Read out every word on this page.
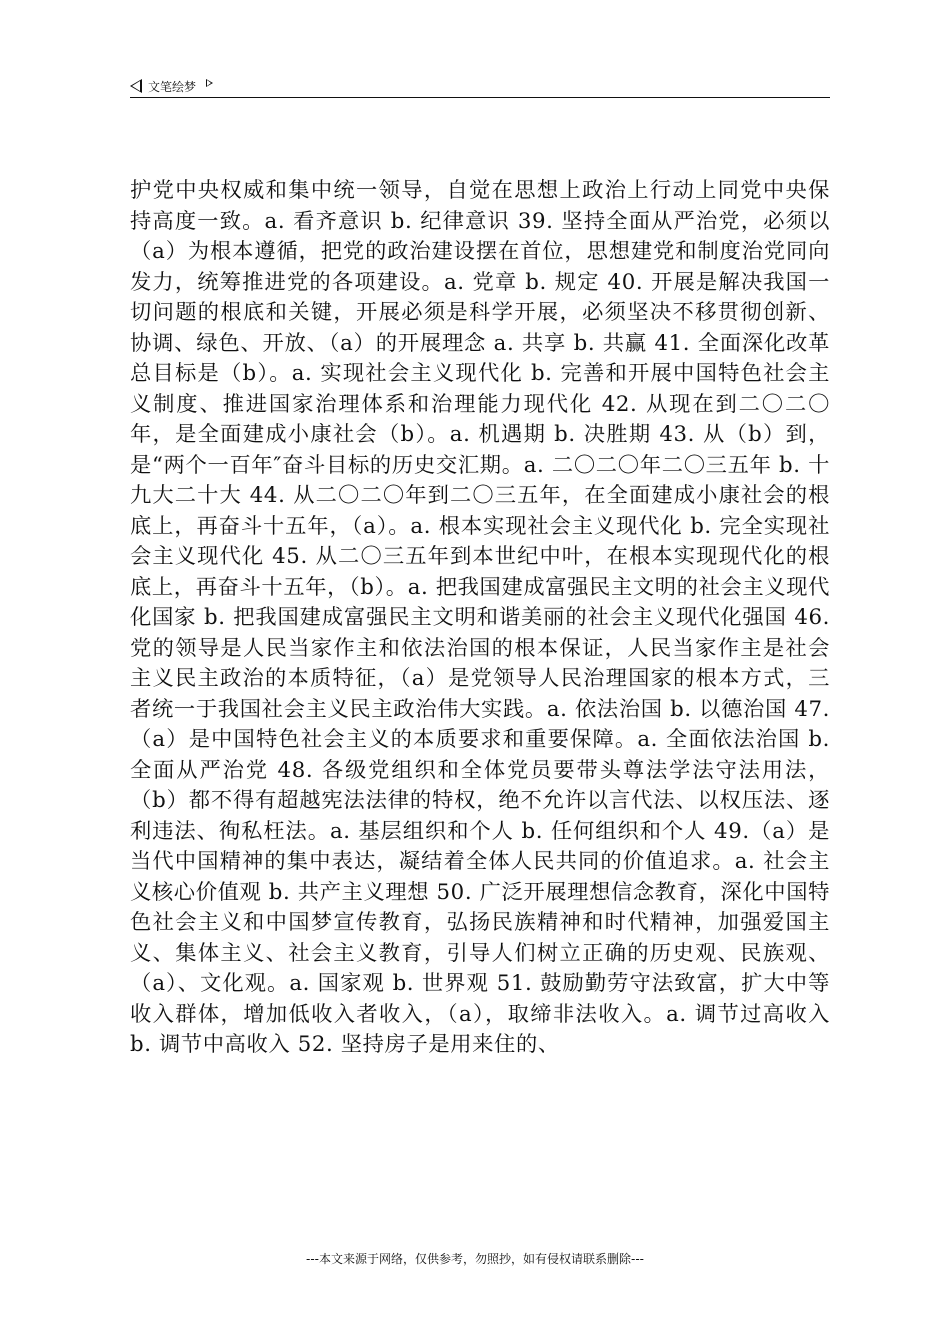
文笔绘梦

护党中央权威和集中统一领导，自觉在思想上政治上行动上同党中央保持高度一致。a. 看齐意识 b. 纪律意识 39. 坚持全面从严治党，必须以（a）为根本遵循，把党的政治建设摆在首位，思想建党和制度治党同向发力，统筹推进党的各项建设。a. 党章 b. 规定 40. 开展是解决我国一切问题的根底和关键，开展必须是科学开展，必须坚决不移贯彻创新、协调、绿色、开放、（a）的开展理念 a. 共享 b. 共赢 41. 全面深化改革总目标是（b）。a. 实现社会主义现代化 b. 完善和开展中国特色社会主义制度、推进国家治理体系和治理能力现代化 42. 从现在到二〇二〇年，是全面建成小康社会（b）。a. 机遇期 b. 决胜期 43. 从（b）到，是“两个一百年″奋斗目标的历史交汇期。a. 二〇二〇年二〇三五年 b. 十九大二十大 44. 从二〇二〇年到二〇三五年，在全面建成小康社会的根底上，再奋斗十五年，（a）。a. 根本实现社会主义现代化 b. 完全实现社会主义现代化 45. 从二〇三五年到本世纪中叶，在根本实现现代化的根底上，再奋斗十五年，（b）。a. 把我国建成富强民主文明的社会主义现代化国家 b. 把我国建成富强民主文明和谐美丽的社会主义现代化强国 46. 党的领导是人民当家作主和依法治国的根本保证，人民当家作主是社会主义民主政治的本质特征，（a）是党领导人民治理国家的根本方式，三者统一于我国社会主义民主政治伟大实践。a. 依法治国 b. 以德治国 47.（a）是中国特色社会主义的本质要求和重要保障。a. 全面依法治国 b. 全面从严治党 48. 各级党组织和全体党员要带头尊法学法守法用法，（b）都不得有超越宪法法律的特权，绝不允许以言代法、以权压法、逐利违法、徇私枉法。a. 基层组织和个人 b. 任何组织和个人 49.（a）是当代中国精神的集中表达，凝结着全体人民共同的价值追求。a. 社会主义核心价值观 b. 共产主义理想 50. 广泛开展理想信念教育，深化中国特色社会主义和中国梦宣传教育，弘扬民族精神和时代精神，加强爱国主义、集体主义、社会主义教育，引导人们树立正确的历史观、民族观、（a）、文化观。a. 国家观 b. 世界观 51. 鼓励勤劳守法致富，扩大中等收入群体，增加低收入者收入，（a），取缔非法收入。a. 调节过高收入 b. 调节中高收入 52. 坚持房子是用来住的、

---本文来源于网络，仅供参考，勿照抄，如有侵权请联系删除---
